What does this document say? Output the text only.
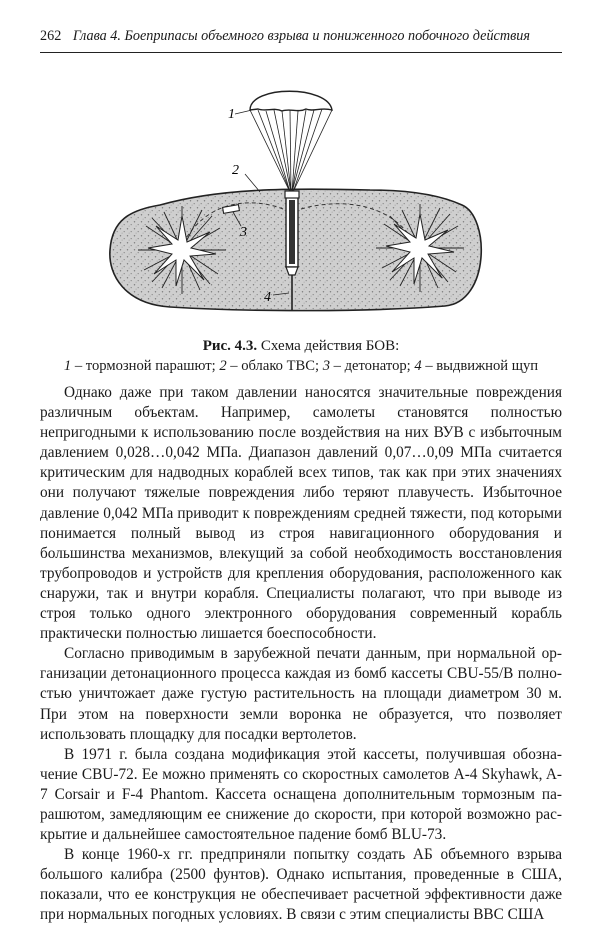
262 Глава 4. Боеприпасы объемного взрыва и пониженного побочного действия
1
2
3
4
Рис. 4.3. Схема действия БОВ:
1 – тормозной парашют; 2 – облако ТВС; 3 – детонатор; 4 – выдвижной щуп

Однако даже при таком давлении наносятся значительные повреждения различным объектам. Например, самолеты становятся полностью непригодными к использованию после воздействия на них ВУВ с избыточным давлением 0,028…0,042 МПа. Диапазон давлений 0,07…0,09 МПа считается критическим для надводных кораблей всех типов, так как при этих значениях они получают тяжелые повреждения либо теряют плавучесть. Избыточное давление 0,042 МПа приводит к повреждениям средней тяжести, под которыми понимается полный вывод из строя навигационного оборудования и большинства механизмов, влекущий за собой необходимость восстановления трубопроводов и устройств для крепления оборудования, расположенного как снаружи, так и внутри корабля. Специалисты полагают, что при выводе из строя только одного электронного оборудования современный корабль практически полностью лишается боеспособности.

Согласно приводимым в зарубежной печати данным, при нормальной организации детонационного процесса каждая из бомб кассеты CBU-55/B полностью уничтожает даже густую растительность на площади диаметром 30 м. При этом на поверхности земли воронка не образуется, что позволяет использовать площадку для посадки вертолетов.

В 1971 г. была создана модификация этой кассеты, получившая обозначение CBU-72. Ее можно применять со скоростных самолетов A-4 Skyhawk, A-7 Corsair и F-4 Phantom. Кассета оснащена дополнительным тормозным парашютом, замедляющим ее снижение до скорости, при которой возможно раскрытие и дальнейшее самостоятельное падение бомб BLU-73.

В конце 1960-х гг. предприняли попытку создать АБ объемного взрыва большого калибра (2500 фунтов). Однако испытания, проведенные в США, показали, что ее конструкция не обеспечивает расчетной эффективности даже при нормальных погодных условиях. В связи с этим специалисты ВВС США
